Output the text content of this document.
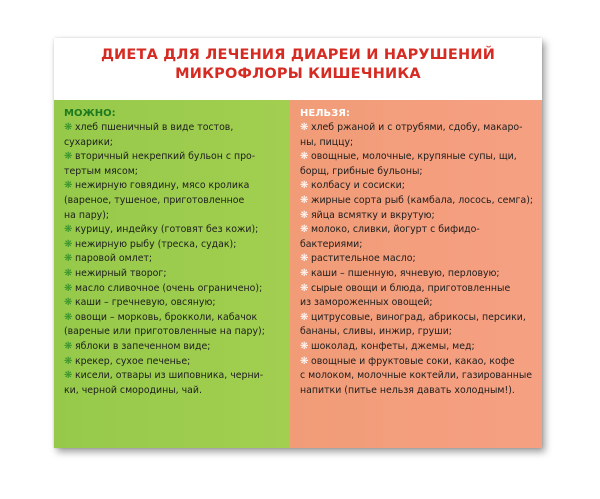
ДИЕТА ДЛЯ ЛЕЧЕНИЯ ДИАРЕИ И НАРУШЕНИЙ
МИКРОФЛОРЫ КИШЕЧНИКА
МОЖНО:
❋ хлеб пшеничный в виде тостов,
сухарики;
❋ вторичный некрепкий бульон с про-
тертым мясом;
❋ нежирную говядину, мясо кролика
(вареное, тушеное, приготовленное
на пару);
❋ курицу, индейку (готовят без кожи);
❋ нежирную рыбу (треска, судак);
❋ паровой омлет;
❋ нежирный творог;
❋ масло сливочное (очень ограничено);
❋ каши – гречневую, овсяную;
❋ овощи – морковь, брокколи, кабачок
(вареные или приготовленные на пару);
❋ яблоки в запеченном виде;
❋ крекер, сухое печенье;
❋ кисели, отвары из шиповника, черни-
ки, черной смородины, чай.
НЕЛЬЗЯ:
❋ хлеб ржаной и с отрубями, сдобу, макаро-
ны, пиццу;
❋ овощные, молочные, крупяные супы, щи,
борщ, грибные бульоны;
❋ колбасу и сосиски;
❋ жирные сорта рыб (камбала, лосось, семга);
❋ яйца всмятку и вкрутую;
❋ молоко, сливки, йогурт с бифидо-
бактериями;
❋ растительное масло;
❋ каши – пшенную, ячневую, перловую;
❋ сырые овощи и блюда, приготовленные
из замороженных овощей;
❋ цитрусовые, виноград, абрикосы, персики,
бананы, сливы, инжир, груши;
❋ шоколад, конфеты, джемы, мед;
❋ овощные и фруктовые соки, какао, кофе
с молоком, молочные коктейли, газированные
напитки (питье нельзя давать холодным!).
